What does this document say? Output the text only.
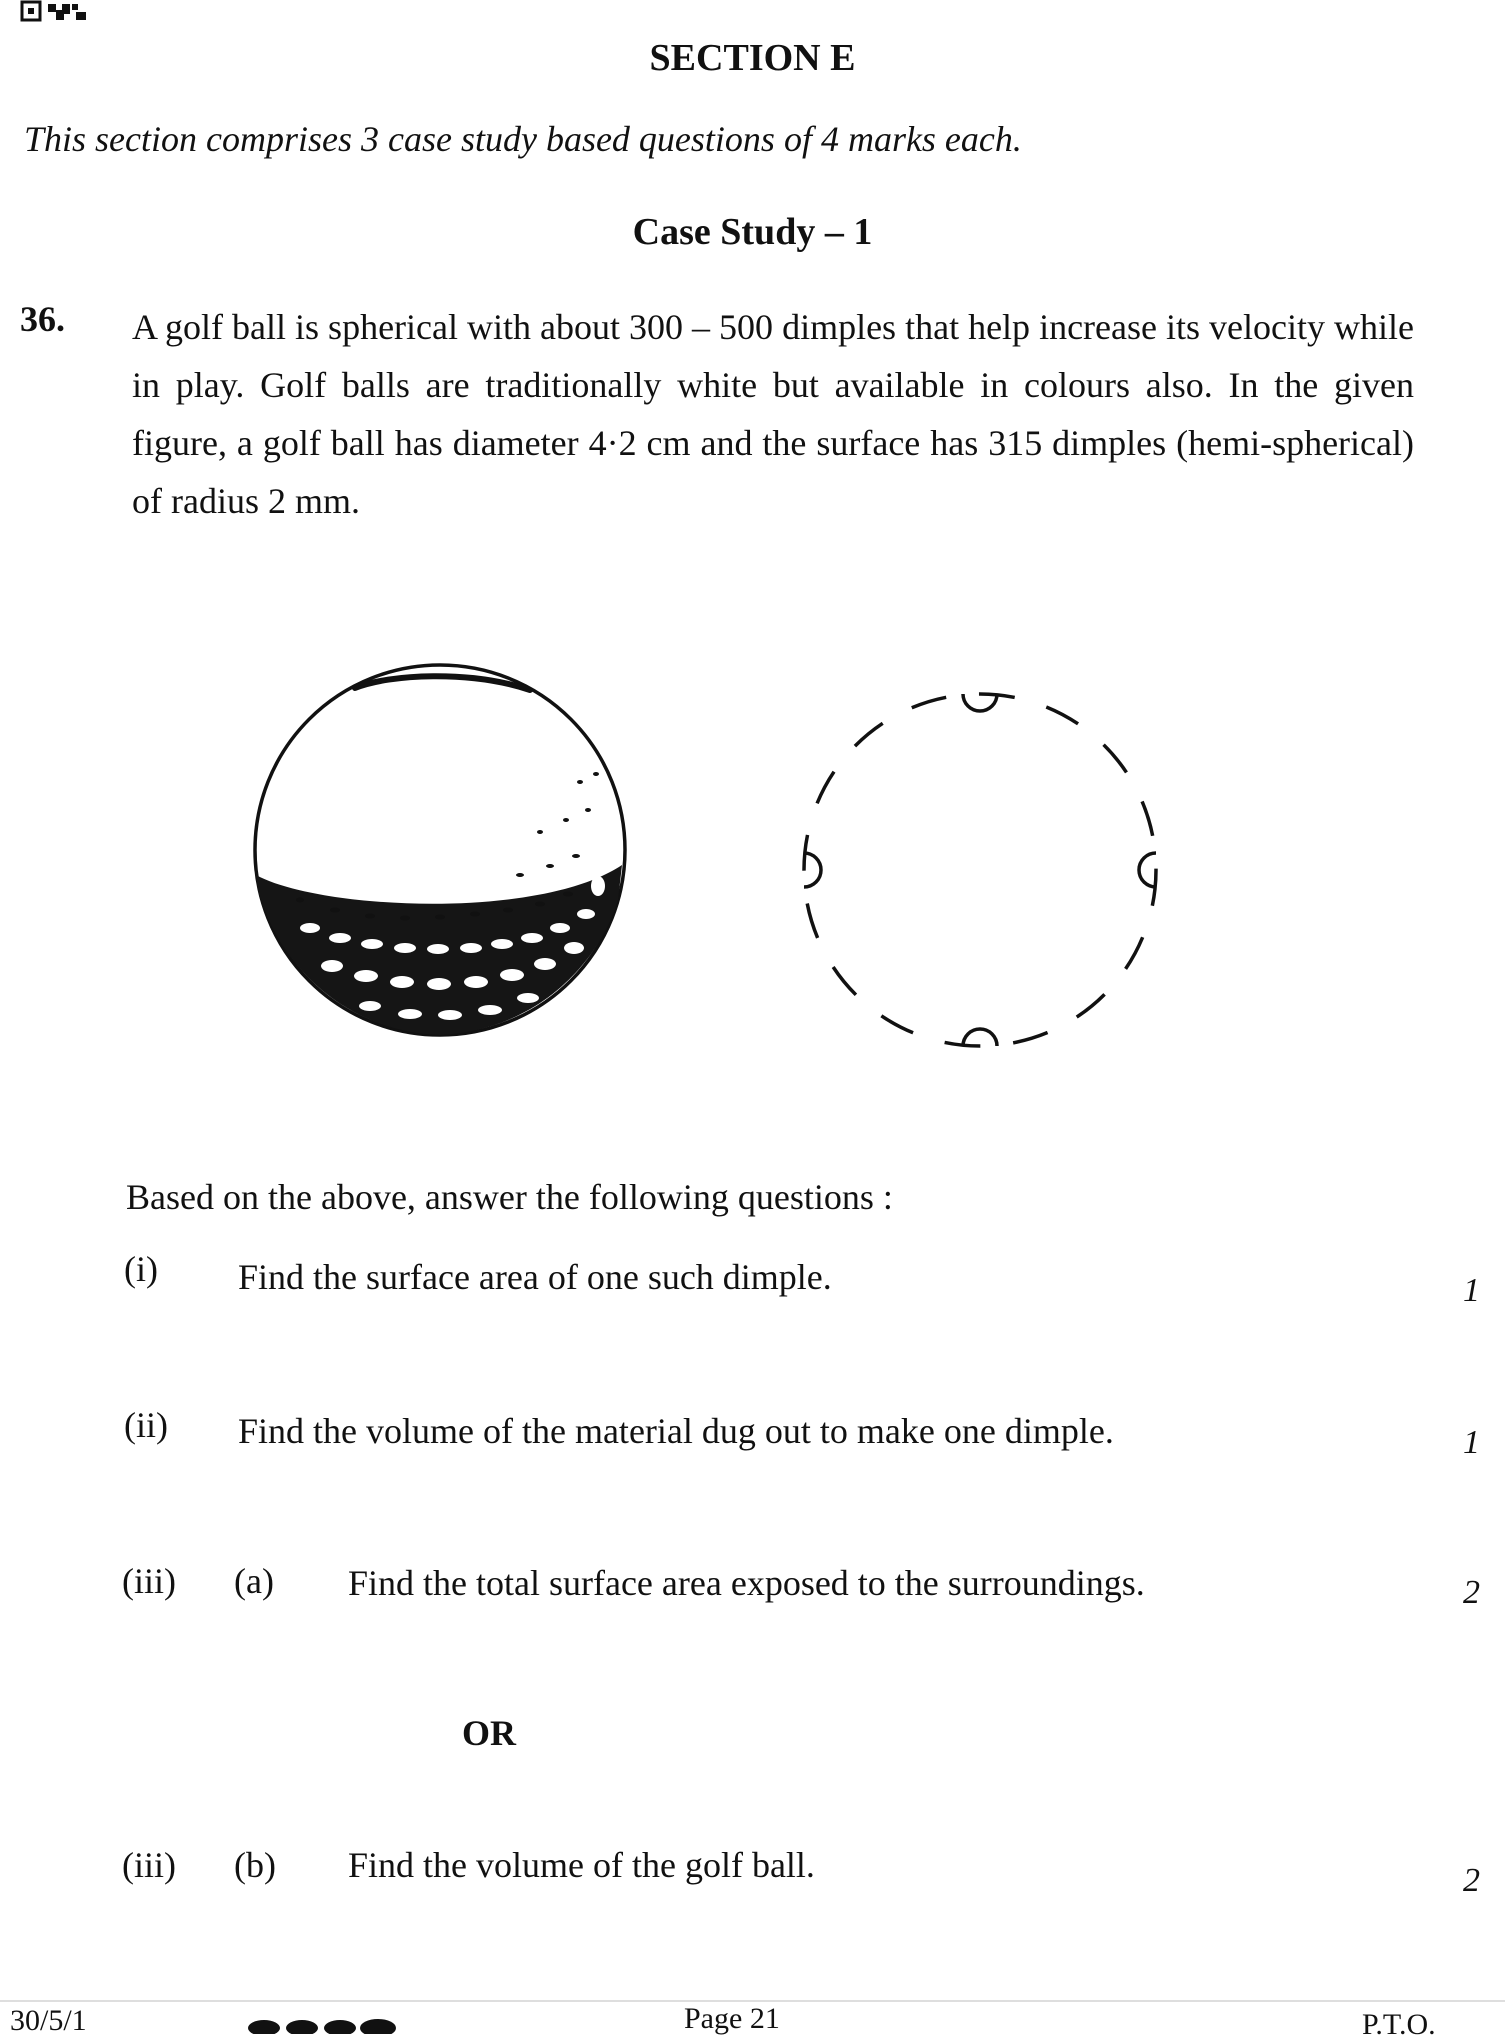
SECTION E
This section comprises 3 case study based questions of 4 marks each.
Case Study – 1
36. A golf ball is spherical with about 300 – 500 dimples that help increase its velocity while in play. Golf balls are traditionally white but available in colours also. In the given figure, a golf ball has diameter 4·2 cm and the surface has 315 dimples (hemi-spherical) of radius 2 mm.
Based on the above, answer the following questions :
(i) Find the surface area of one such dimple.	1
(ii) Find the volume of the material dug out to make one dimple.	1
(iii) (a) Find the total surface area exposed to the surroundings.	2
OR
(iii) (b) Find the volume of the golf ball.	2
30/5/1	Page 21	P.T.O.
